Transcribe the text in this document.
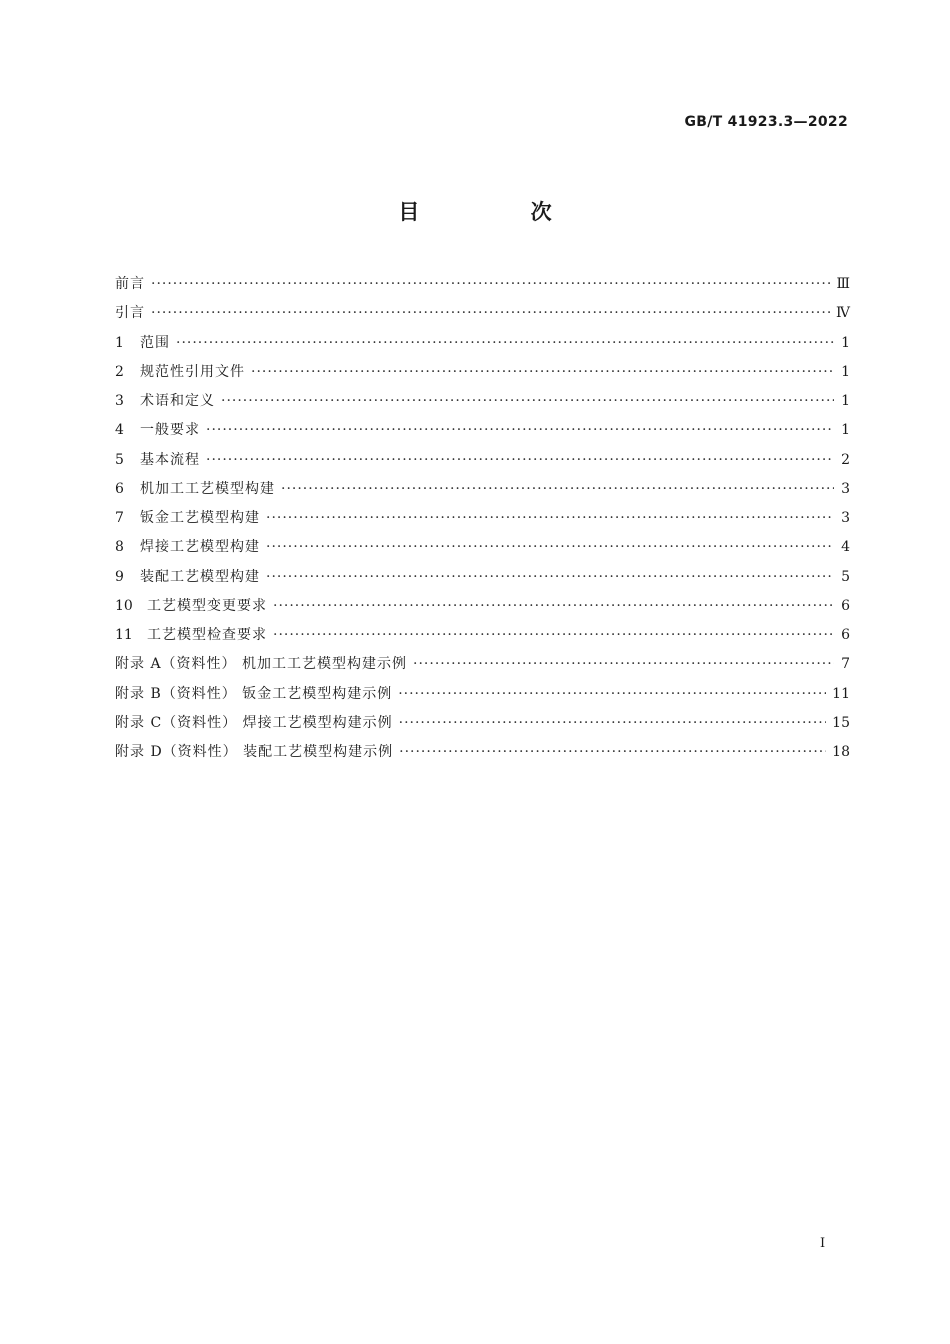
GB/T 41923.3—2022
目 次
前言 ·····	Ⅲ
引言 ·····	Ⅳ
1	范围 ·····	1
2	规范性引用文件 ·····	1
3	术语和定义 ·····	1
4	一般要求 ·····	1
5	基本流程 ·····	2
6	机加工工艺模型构建 ·····	3
7	钣金工艺模型构建 ·····	3
8	焊接工艺模型构建 ·····	4
9	装配工艺模型构建 ·····	5
10	工艺模型变更要求 ·····	6
11	工艺模型检查要求 ·····	6
附录 A（资料性） 机加工工艺模型构建示例 ·····	7
附录 B（资料性） 钣金工艺模型构建示例 ·····	11
附录 C（资料性） 焊接工艺模型构建示例 ·····	15
附录 D（资料性） 装配工艺模型构建示例 ·····	18
Ⅰ
